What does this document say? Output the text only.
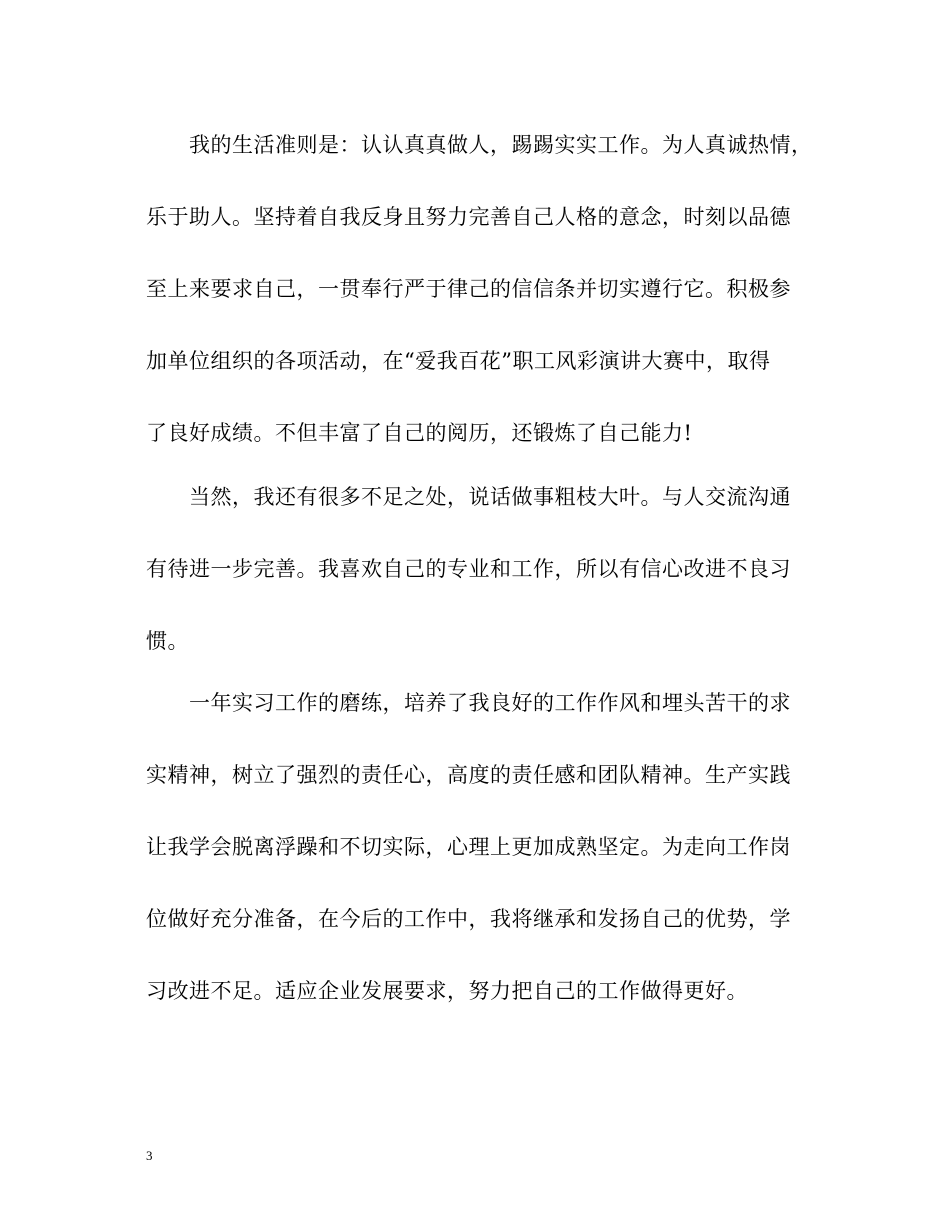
我的生活准则是：认认真真做人，踢踢实实工作。为人真诚热情，
乐于助人。坚持着自我反身且努力完善自己人格的意念，时刻以品德
至上来要求自己，一贯奉行严于律己的信信条并切实遵行它。积极参
加单位组织的各项活动，在“爱我百花”职工风彩演讲大赛中，取得
了良好成绩。不但丰富了自己的阅历，还锻炼了自己能力!
当然，我还有很多不足之处，说话做事粗枝大叶。与人交流沟通
有待进一步完善。我喜欢自己的专业和工作，所以有信心改进不良习
惯。
一年实习工作的磨练，培养了我良好的工作作风和埋头苦干的求
实精神，树立了强烈的责任心，高度的责任感和团队精神。生产实践
让我学会脱离浮躁和不切实际，心理上更加成熟坚定。为走向工作岗
位做好充分准备，在今后的工作中，我将继承和发扬自己的优势，学
习改进不足。适应企业发展要求，努力把自己的工作做得更好。
3
